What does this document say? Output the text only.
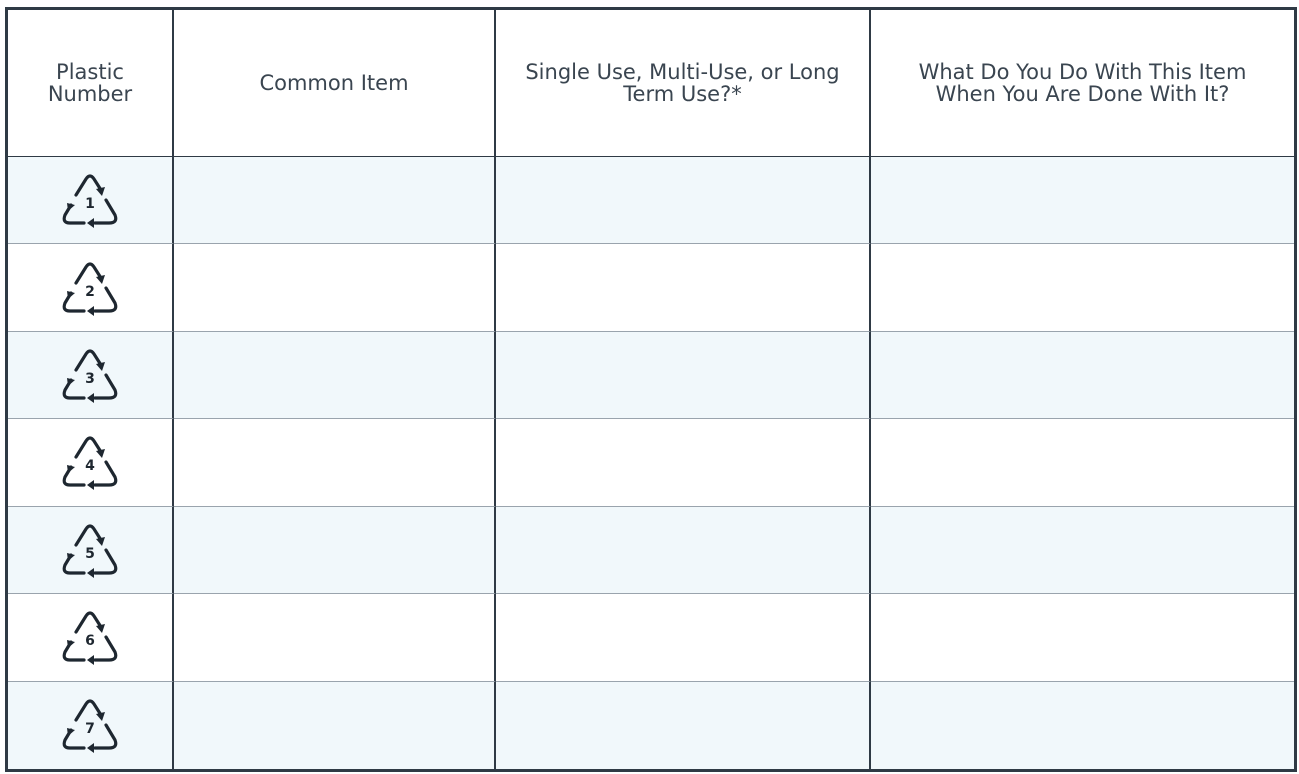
Plastic Number	Common Item	Single Use, Multi-Use, or Long Term Use?*
What Do You Do With This Item When You Are Done With It?
1
2
3
4
5
6
7
